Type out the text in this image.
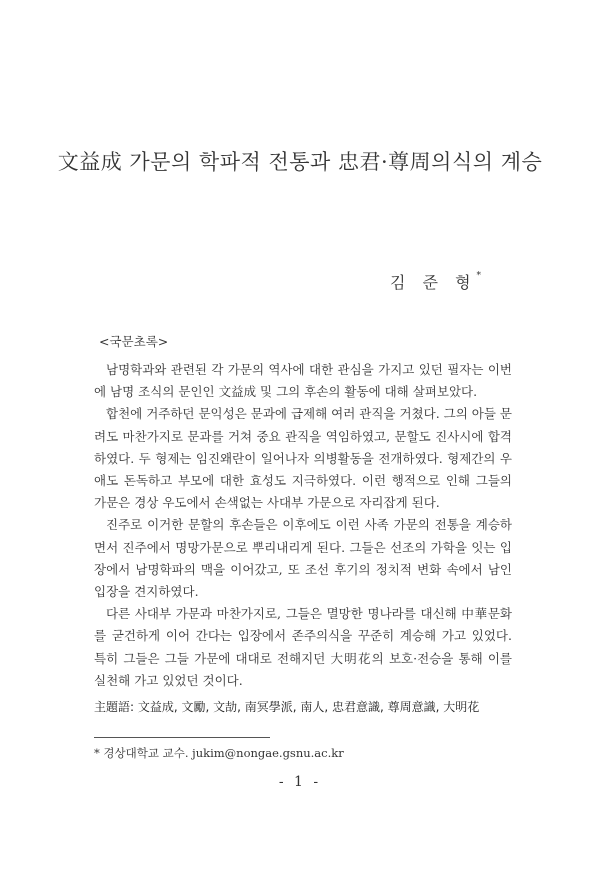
文益成 가문의 학파적 전통과 忠君·尊周의식의 계승
김 준 형*
<국문초록>

남명학과와 관련된 각 가문의 역사에 대한 관심을 가지고 있던 필자는 이번에 남명 조식의 문인인 文益成 및 그의 후손의 활동에 대해 살펴보았다.

합천에 거주하던 문익성은 문과에 급제해 여러 관직을 거쳤다. 그의 아들 문려도 마찬가지로 문과를 거쳐 중요 관직을 역임하였고, 문할도 진사시에 합격하였다. 두 형제는 임진왜란이 일어나자 의병활동을 전개하였다. 형제간의 우애도 돈독하고 부모에 대한 효성도 지극하였다. 이런 행적으로 인해 그들의 가문은 경상 우도에서 손색없는 사대부 가문으로 자리잡게 된다.

진주로 이거한 문할의 후손들은 이후에도 이런 사족 가문의 전통을 계승하면서 진주에서 명망가문으로 뿌리내리게 된다. 그들은 선조의 가학을 잇는 입장에서 남명학파의 맥을 이어갔고, 또 조선 후기의 정치적 변화 속에서 남인 입장을 견지하였다.

다른 사대부 가문과 마찬가지로, 그들은 멸망한 명나라를 대신해 中華문화를 굳건하게 이어 간다는 입장에서 존주의식을 꾸준히 계승해 가고 있었다. 특히 그들은 그들 가문에 대대로 전해지던 大明花의 보호·전승을 통해 이를 실천해 가고 있었던 것이다.

主題語: 文益成, 文勵, 文劼, 南冥學派, 南人, 忠君意識, 尊周意識, 大明花
* 경상대학교 교수. jukim@nongae.gsnu.ac.kr
- 1 -
